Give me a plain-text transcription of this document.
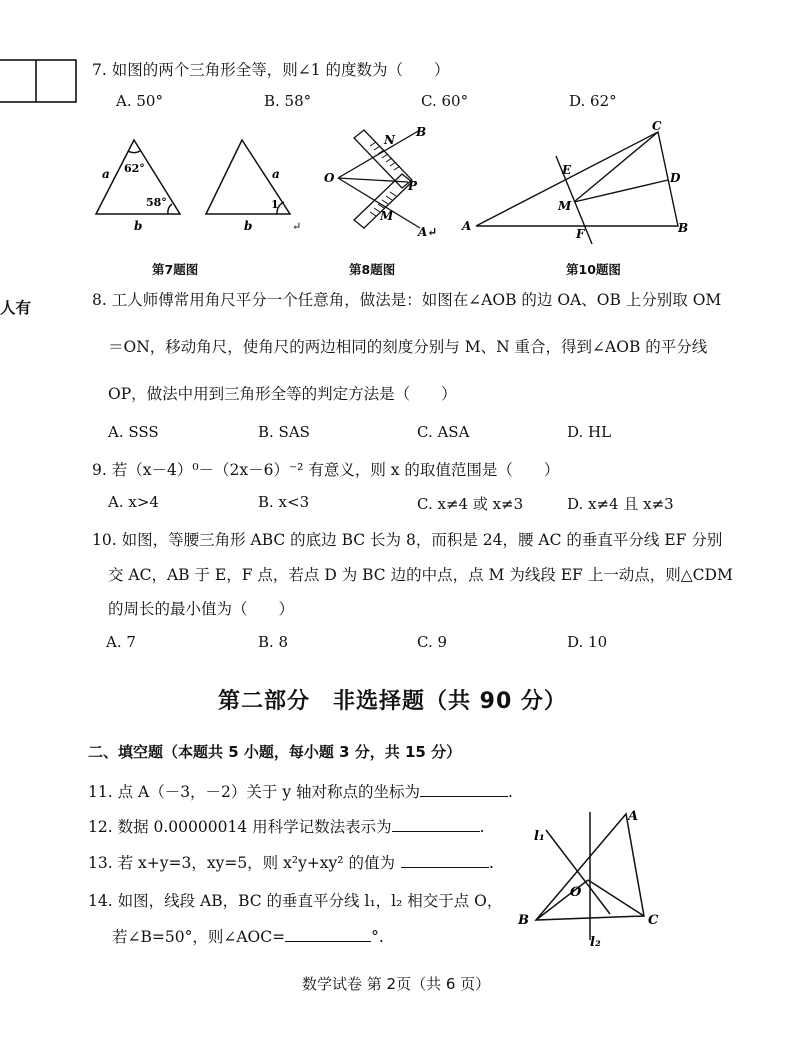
人有
7. 如图的两个三角形全等，则∠1 的度数为（　　）
A. 50°	B. 58°	C. 60°	D. 62°
a 62°
58°
b
a
1
b	↵
N
B
O
P
M
A↵
C
E
D
M
A
F	B
第7题图	第8题图	第10题图
8. 工人师傅常用角尺平分一个任意角，做法是：如图在∠AOB 的边 OA、OB 上分别取 OM
＝ON，移动角尺，使角尺的两边相同的刻度分别与 M、N 重合，得到∠AOB 的平分线
OP，做法中用到三角形全等的判定方法是（　　）
A. SSS	B. SAS	C. ASA	D. HL
9. 若（x－4）⁰－（2x－6）⁻² 有意义，则 x 的取值范围是（　　）
A. x>4	B. x<3	C. x≠4 或 x≠3	D. x≠4 且 x≠3
10. 如图，等腰三角形 ABC 的底边 BC 长为 8，而积是 24，腰 AC 的垂直平分线 EF 分别
交 AC，AB 于 E，F 点，若点 D 为 BC 边的中点，点 M 为线段 EF 上一动点，则△CDM
的周长的最小值为（　　）
A. 7	B. 8	C. 9	D. 10
第二部分　非选择题（共 90 分）
二、填空题（本题共 5 小题，每小题 3 分，共 15 分）
11. 点 A（－3，－2）关于 y 轴对称点的坐标为	.
12. 数据 0.00000014 用科学记数法表示为	.
13. 若 x+y=3，xy=5，则 x²y+xy² 的值为	.
14. 如图，线段 AB，BC 的垂直平分线 l₁，l₂ 相交于点 O，
若∠B=50°，则∠AOC=	°.
l₁
A
O
B	C
l₂
数学试卷 第 2页（共 6 页）
